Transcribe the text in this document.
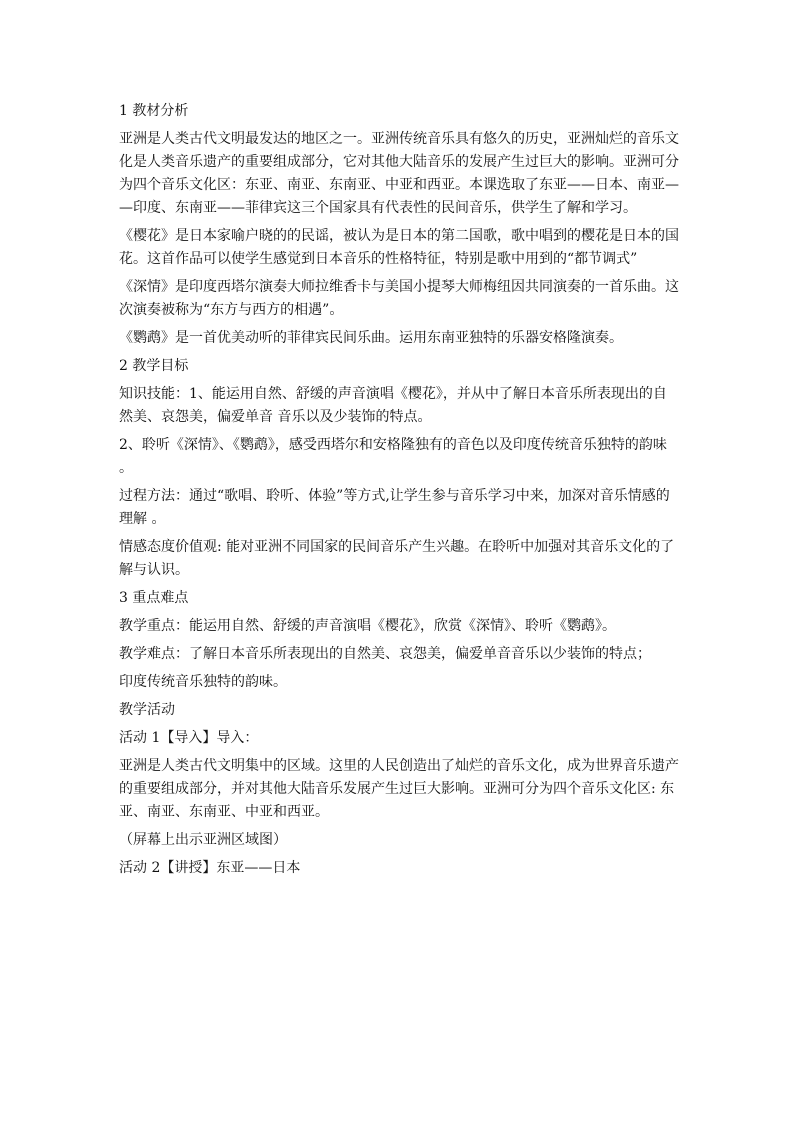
1 教材分析

亚洲是人类古代文明最发达的地区之一。亚洲传统音乐具有悠久的历史，亚洲灿烂的音乐文化是人类音乐遗产的重要组成部分，它对其他大陆音乐的发展产生过巨大的影响。亚洲可分为四个音乐文化区：东亚、南亚、东南亚、中亚和西亚。本课选取了东亚——日本、南亚——印度、东南亚——菲律宾这三个国家具有代表性的民间音乐，供学生了解和学习。

《樱花》是日本家喻户晓的的民谣，被认为是日本的第二国歌，歌中唱到的樱花是日本的国花。这首作品可以使学生感觉到日本音乐的性格特征，特别是歌中用到的“都节调式”

《深情》是印度西塔尔演奏大师拉维香卡与美国小提琴大师梅纽因共同演奏的一首乐曲。这次演奏被称为“东方与西方的相遇”。

《鹦鹉》是一首优美动听的菲律宾民间乐曲。运用东南亚独特的乐器安格隆演奏。

2 教学目标

知识技能：1、能运用自然、舒缓的声音演唱《樱花》，并从中了解日本音乐所表现出的自然美、哀怨美，偏爱单音 音乐以及少装饰的特点。

2、聆听《深情》、《鹦鹉》，感受西塔尔和安格隆独有的音色以及印度传统音乐独特的韵味。

过程方法：通过“歌唱、聆听、体验”等方式,让学生参与音乐学习中来，加深对音乐情感的理解 。

情感态度价值观: 能对亚洲不同国家的民间音乐产生兴趣。在聆听中加强对其音乐文化的了解与认识。

3 重点难点

教学重点：能运用自然、舒缓的声音演唱《樱花》，欣赏《深情》、聆听《鹦鹉》。

教学难点：了解日本音乐所表现出的自然美、哀怨美，偏爱单音音乐以少装饰的特点；

印度传统音乐独特的韵味。

教学活动

活动 1【导入】导入：

亚洲是人类古代文明集中的区域。这里的人民创造出了灿烂的音乐文化，成为世界音乐遗产的重要组成部分，并对其他大陆音乐发展产生过巨大影响。亚洲可分为四个音乐文化区: 东亚、南亚、东南亚、中亚和西亚。

（屏幕上出示亚洲区域图）

活动 2【讲授】东亚——日本
